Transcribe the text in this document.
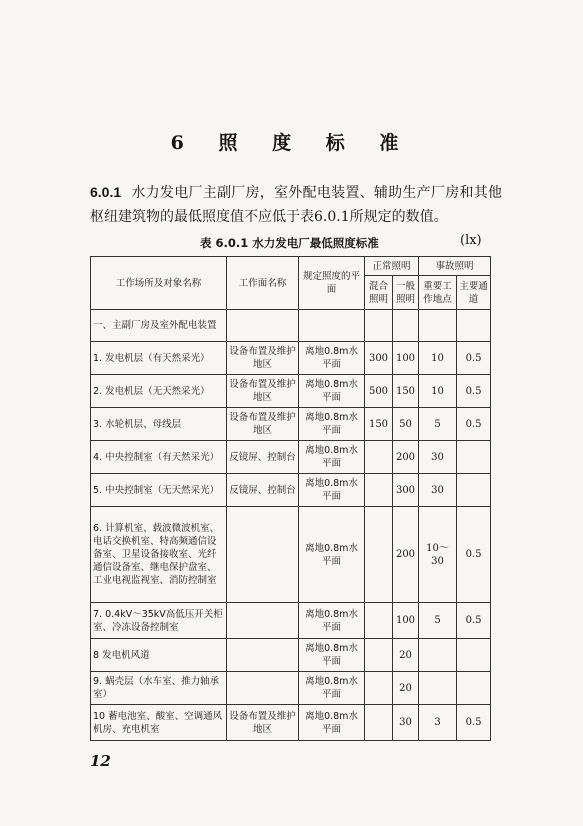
6 照 度 标 准
6.0.1 水力发电厂主副厂房，室外配电装置、辅助生产厂房和其他枢纽建筑物的最低照度值不应低于表6.0.1所规定的数值。
表 6.0.1 水力发电厂最低照度标准	(lx)
工作场所及对象名称	工作面名称	规定照度的平面	正常照明		事故照明	
			混合照明	一般照明	重要工作地点	主要通道
一、主副厂房及室外配电装置						
1. 发电机层（有天然采光）	设备布置及维护地区	离地0.8m水平面	300	100	10	0.5
2. 发电机层（无天然采光）	设备布置及维护地区	离地0.8m水平面	500	150	10	0.5
3. 水轮机层、母线层	设备布置及维护地区	离地0.8m水平面	150	50	5	0.5
4. 中央控制室（有天然采光）	反镜屏、控制台	离地0.8m水平面		200	30	
5. 中央控制室（无天然采光）	反镜屏、控制台	离地0.8m水平面		300	30	
6. 计算机室、载波微波机室、电话交换机室、特高频通信设备室、卫星设备接收室、光纤通信设备室、继电保护盘室、工业电视监视室、消防控制室		离地0.8m水平面		200	10～30	0.5
7. 0.4kV～35kV高低压开关柜室、冷冻设备控制室		离地0.8m水平面		100	5	0.5
8 发电机风道		离地0.8m水平面		20		
9. 蜗壳层（水车室、推力轴承室）		离地0.8m水平面		20		
10 蓄电池室、酸室、空调通风机房、充电机室	设备布置及维护地区	离地0.8m水平面		30	3	0.5
12
